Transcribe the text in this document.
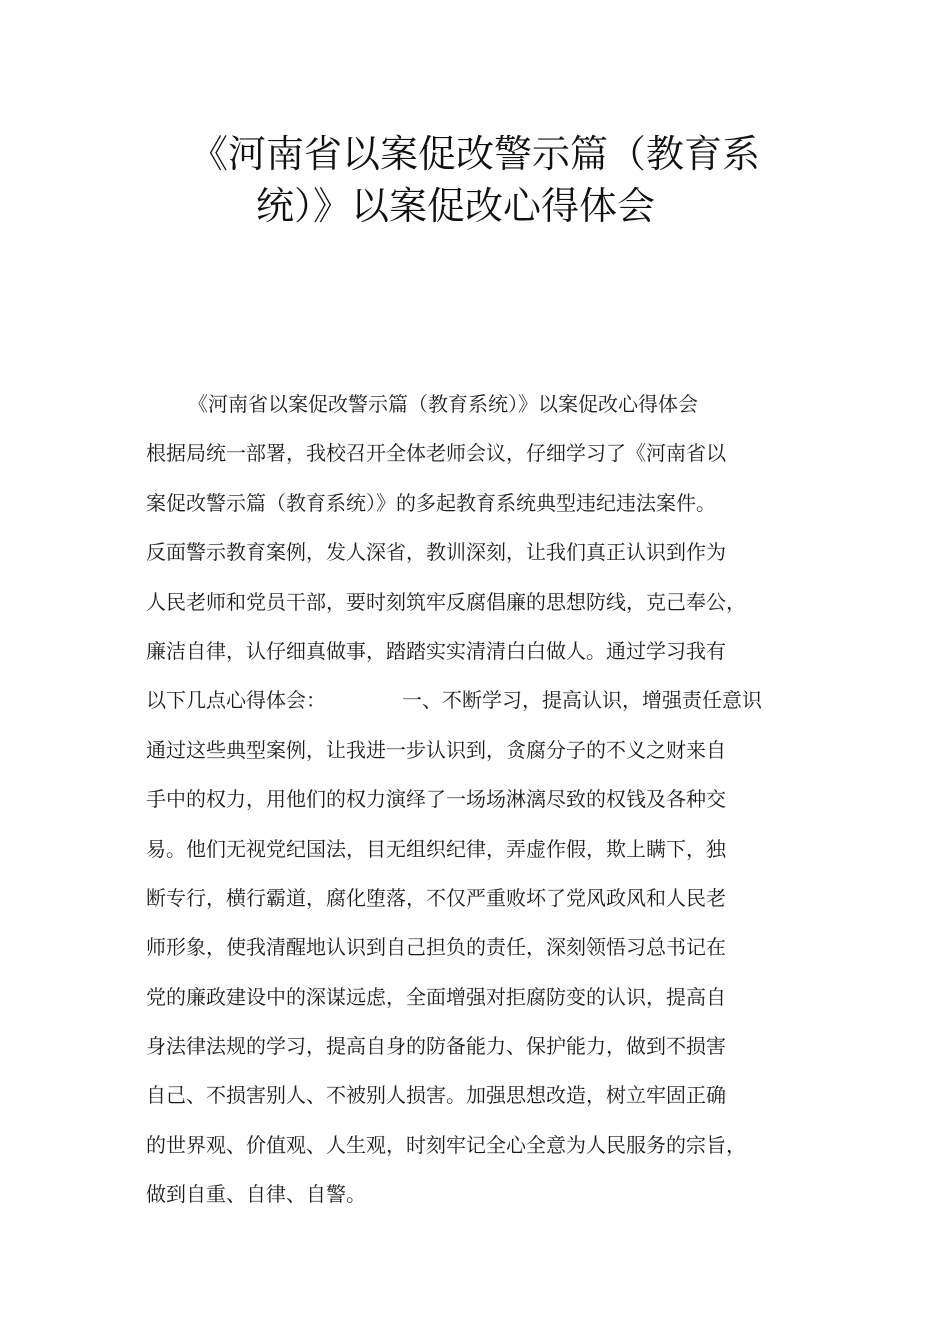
《河南省以案促改警示篇（教育系
统）》以案促改心得体会
《河南省以案促改警示篇（教育系统）》以案促改心得体会
根据局统一部署，我校召开全体老师会议，仔细学习了《河南省以
案促改警示篇（教育系统）》的多起教育系统典型违纪违法案件。
反面警示教育案例，发人深省，教训深刻，让我们真正认识到作为
人民老师和党员干部，要时刻筑牢反腐倡廉的思想防线，克己奉公，
廉洁自律，认仔细真做事，踏踏实实清清白白做人。通过学习我有
以下几点心得体会：	一、不断学习，提高认识，增强责任意识
通过这些典型案例，让我进一步认识到，贪腐分子的不义之财来自
手中的权力，用他们的权力演绎了一场场淋漓尽致的权钱及各种交
易。他们无视党纪国法，目无组织纪律，弄虚作假，欺上瞒下，独
断专行，横行霸道，腐化堕落，不仅严重败坏了党风政风和人民老
师形象，使我清醒地认识到自己担负的责任，深刻领悟习总书记在
党的廉政建设中的深谋远虑，全面增强对拒腐防变的认识，提高自
身法律法规的学习，提高自身的防备能力、保护能力，做到不损害
自己、不损害别人、不被别人损害。加强思想改造，树立牢固正确
的世界观、价值观、人生观，时刻牢记全心全意为人民服务的宗旨，
做到自重、自律、自警。
